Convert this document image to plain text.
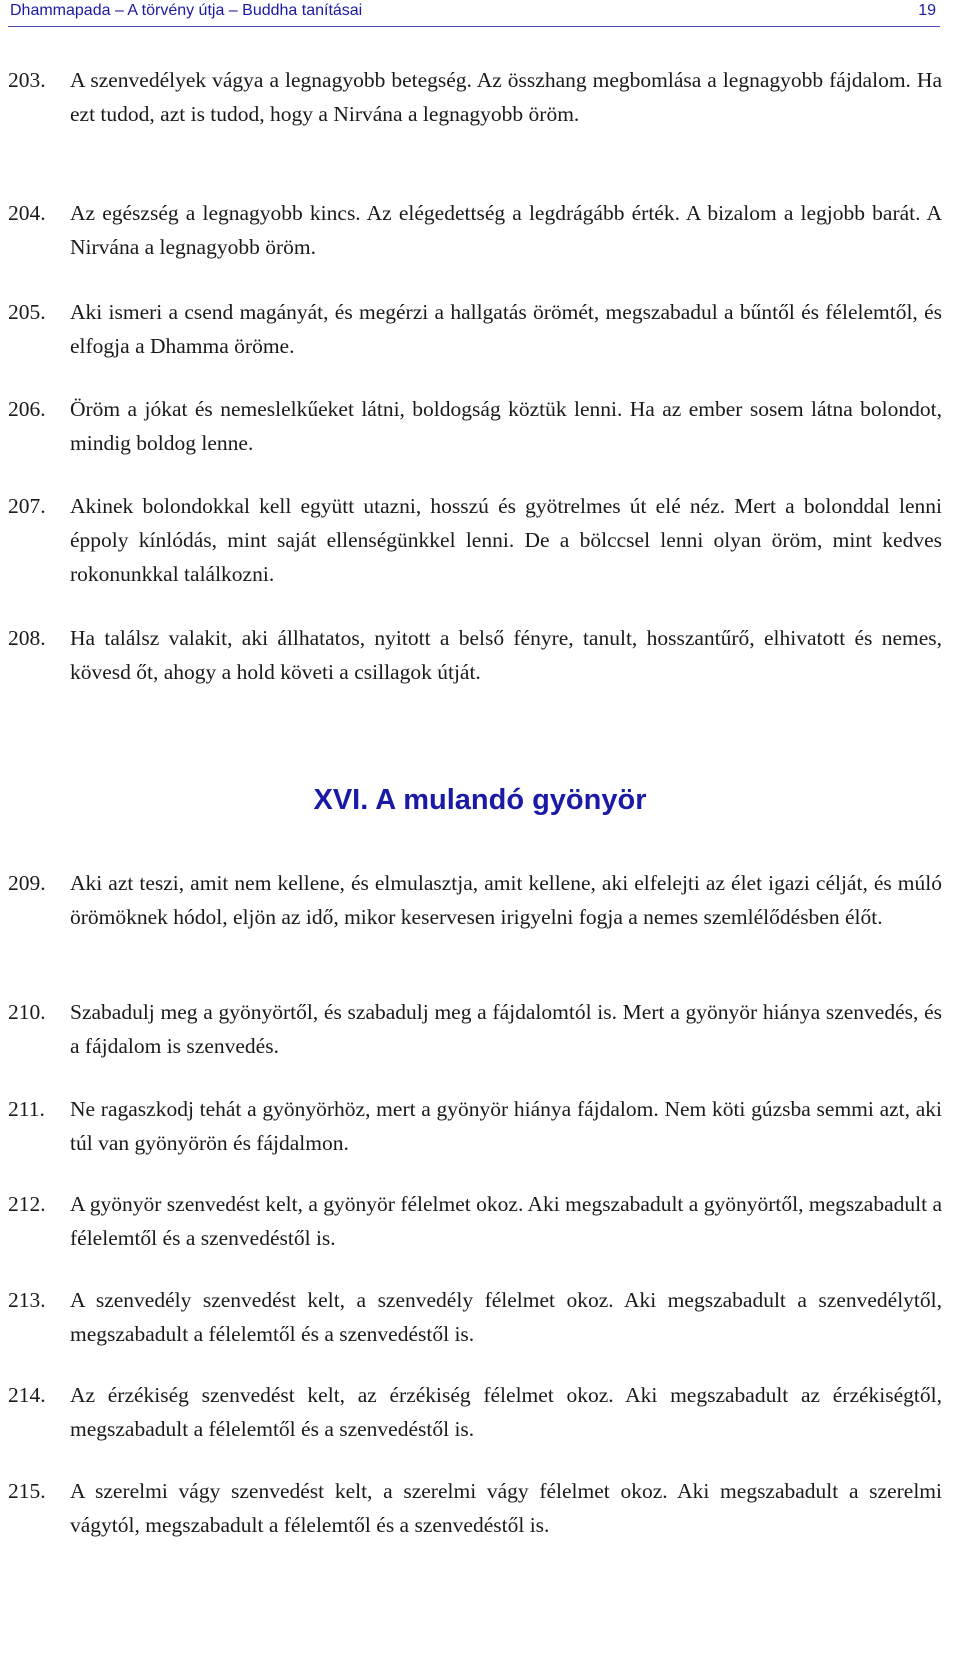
Dhammapada – A törvény útja – Buddha tanításai	19
203. A szenvedélyek vágya a legnagyobb betegség. Az összhang megbomlása a legnagyobb fájdalom. Ha ezt tudod, azt is tudod, hogy a Nirvána a legnagyobb öröm.
204. Az egészség a legnagyobb kincs. Az elégedettség a legdrágább érték. A bizalom a legjobb barát. A Nirvána a legnagyobb öröm.
205. Aki ismeri a csend magányát, és megérzi a hallgatás örömét, megszabadul a bűntől és félelemtől, és elfogja a Dhamma öröme.
206. Öröm a jókat és nemeslelkűeket látni, boldogság köztük lenni. Ha az ember sosem látna bolondot, mindig boldog lenne.
207. Akinek bolondokkal kell együtt utazni, hosszú és gyötrelmes út elé néz. Mert a bolonddal lenni éppoly kínlódás, mint saját ellenségünkkel lenni. De a bölccsel lenni olyan öröm, mint kedves rokonunkkal találkozni.
208. Ha találsz valakit, aki állhatatos, nyitott a belső fényre, tanult, hosszantűrő, elhivatott és nemes, kövesd őt, ahogy a hold követi a csillagok útját.
209. Aki azt teszi, amit nem kellene, és elmulasztja, amit kellene, aki elfelejti az élet igazi célját, és múló örömöknek hódol, eljön az idő, mikor keservesen irigyelni fogja a nemes szemlélődésben élőt.
210. Szabadulj meg a gyönyörtől, és szabadulj meg a fájdalomtól is. Mert a gyönyör hiánya szenvedés, és a fájdalom is szenvedés.
211. Ne ragaszkodj tehát a gyönyörhöz, mert a gyönyör hiánya fájdalom. Nem köti gúzsba semmi azt, aki túl van gyönyörön és fájdalmon.
212. A gyönyör szenvedést kelt, a gyönyör félelmet okoz. Aki megszabadult a gyönyörtől, megszabadult a félelemtől és a szenvedéstől is.
213. A szenvedély szenvedést kelt, a szenvedély félelmet okoz. Aki megszabadult a szenvedélytől, megszabadult a félelemtől és a szenvedéstől is.
214. Az érzékiség szenvedést kelt, az érzékiség félelmet okoz. Aki megszabadult az érzékiségtől, megszabadult a félelemtől és a szenvedéstől is.
215. A szerelmi vágy szenvedést kelt, a szerelmi vágy félelmet okoz. Aki megszabadult a szerelmi vágytól, megszabadult a félelemtől és a szenvedéstől is.
XVI. A mulandó gyönyör
